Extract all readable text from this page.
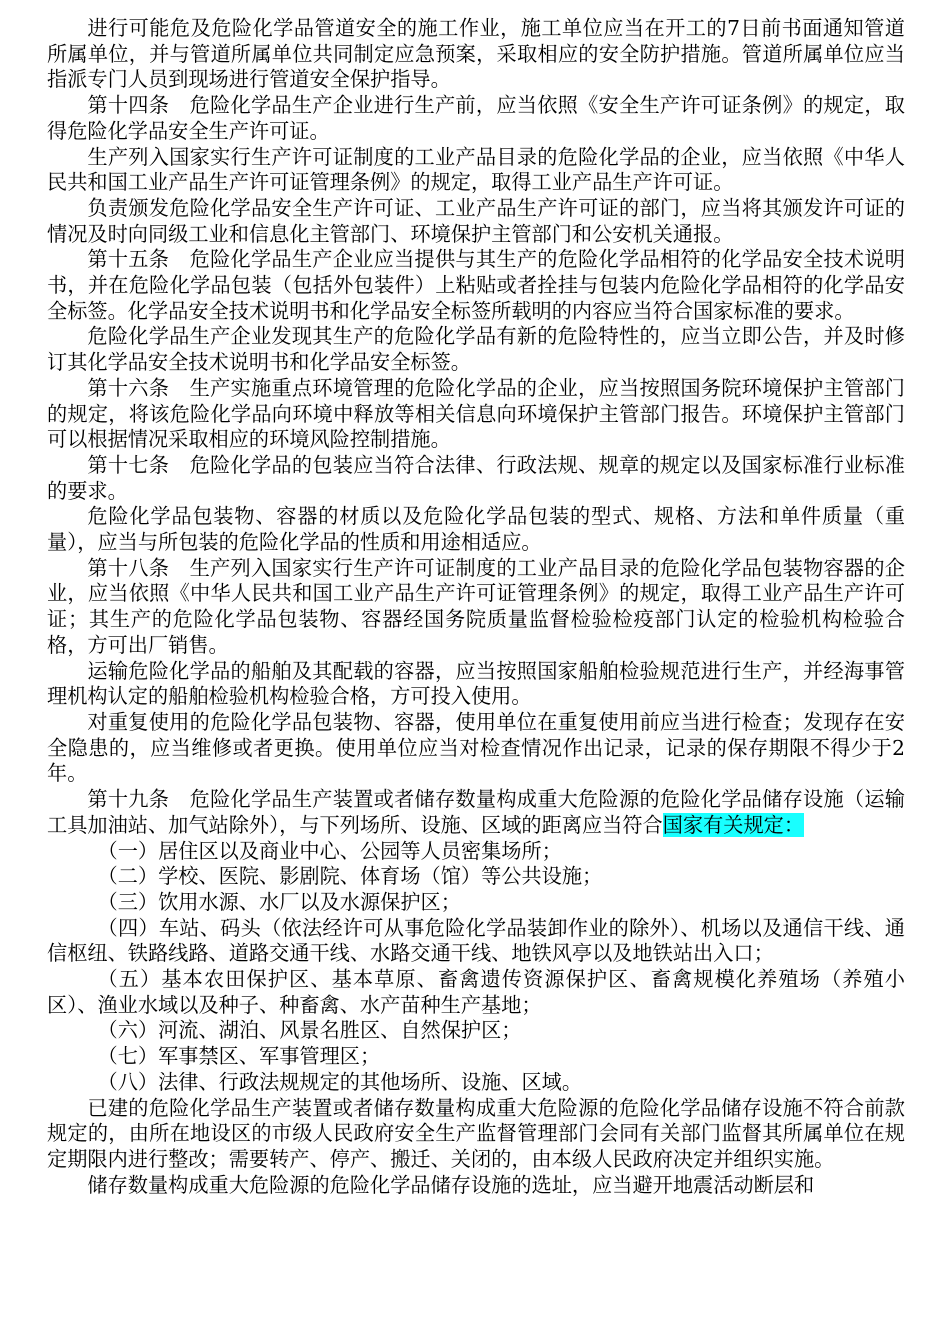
进行可能危及危险化学品管道安全的施工作业，施工单位应当在开工的7日前书面通知管道所属单位，并与管道所属单位共同制定应急预案，采取相应的安全防护措施。管道所属单位应当指派专门人员到现场进行管道安全保护指导。

第十四条　危险化学品生产企业进行生产前，应当依照《安全生产许可证条例》的规定，取得危险化学品安全生产许可证。

生产列入国家实行生产许可证制度的工业产品目录的危险化学品的企业，应当依照《中华人民共和国工业产品生产许可证管理条例》的规定，取得工业产品生产许可证。

负责颁发危险化学品安全生产许可证、工业产品生产许可证的部门，应当将其颁发许可证的情况及时向同级工业和信息化主管部门、环境保护主管部门和公安机关通报。

第十五条　危险化学品生产企业应当提供与其生产的危险化学品相符的化学品安全技术说明书，并在危险化学品包装（包括外包装件）上粘贴或者拴挂与包装内危险化学品相符的化学品安全标签。化学品安全技术说明书和化学品安全标签所载明的内容应当符合国家标准的要求。

危险化学品生产企业发现其生产的危险化学品有新的危险特性的，应当立即公告，并及时修订其化学品安全技术说明书和化学品安全标签。

第十六条　生产实施重点环境管理的危险化学品的企业，应当按照国务院环境保护主管部门的规定，将该危险化学品向环境中释放等相关信息向环境保护主管部门报告。环境保护主管部门可以根据情况采取相应的环境风险控制措施。

第十七条　危险化学品的包装应当符合法律、行政法规、规章的规定以及国家标准行业标准的要求。

危险化学品包装物、容器的材质以及危险化学品包装的型式、规格、方法和单件质量（重量），应当与所包装的危险化学品的性质和用途相适应。

第十八条　生产列入国家实行生产许可证制度的工业产品目录的危险化学品包装物容器的企业，应当依照《中华人民共和国工业产品生产许可证管理条例》的规定，取得工业产品生产许可证；其生产的危险化学品包装物、容器经国务院质量监督检验检疫部门认定的检验机构检验合格，方可出厂销售。

运输危险化学品的船舶及其配载的容器，应当按照国家船舶检验规范进行生产，并经海事管理机构认定的船舶检验机构检验合格，方可投入使用。

对重复使用的危险化学品包装物、容器，使用单位在重复使用前应当进行检查；发现存在安全隐患的，应当维修或者更换。使用单位应当对检查情况作出记录，记录的保存期限不得少于2年。

第十九条　危险化学品生产装置或者储存数量构成重大危险源的危险化学品储存设施（运输工具加油站、加气站除外），与下列场所、设施、区域的距离应当符合国家有关规定：

（一）居住区以及商业中心、公园等人员密集场所；

（二）学校、医院、影剧院、体育场（馆）等公共设施；

（三）饮用水源、水厂以及水源保护区；

（四）车站、码头（依法经许可从事危险化学品装卸作业的除外）、机场以及通信干线、通信枢纽、铁路线路、道路交通干线、水路交通干线、地铁风亭以及地铁站出入口；

（五）基本农田保护区、基本草原、畜禽遗传资源保护区、畜禽规模化养殖场（养殖小区）、渔业水域以及种子、种畜禽、水产苗种生产基地；

（六）河流、湖泊、风景名胜区、自然保护区；

（七）军事禁区、军事管理区；

（八）法律、行政法规规定的其他场所、设施、区域。

已建的危险化学品生产装置或者储存数量构成重大危险源的危险化学品储存设施不符合前款规定的，由所在地设区的市级人民政府安全生产监督管理部门会同有关部门监督其所属单位在规定期限内进行整改；需要转产、停产、搬迁、关闭的，由本级人民政府决定并组织实施。

储存数量构成重大危险源的危险化学品储存设施的选址，应当避开地震活动断层和
